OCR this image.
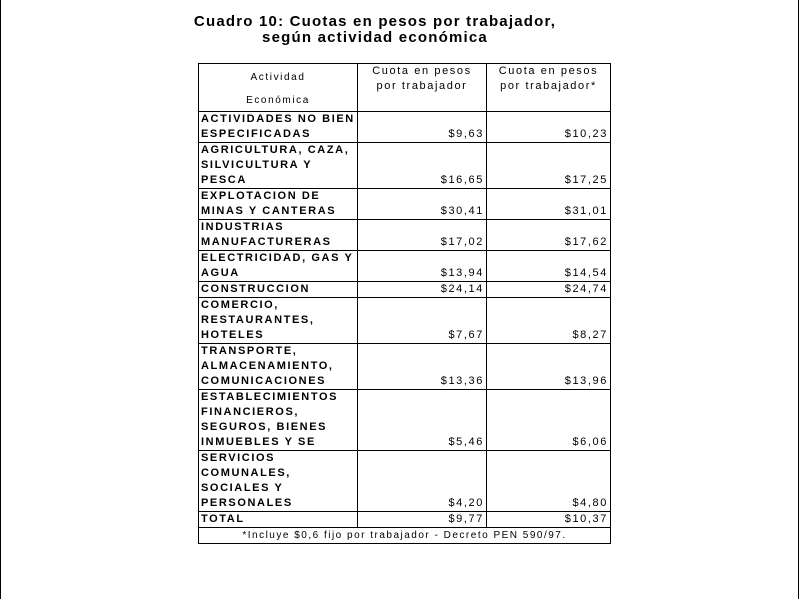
Cuadro 10: Cuotas en pesos por trabajador,
según actividad económica
Actividad
Económica	Cuota en pesos por trabajador	Cuota en pesos por trabajador*
ACTIVIDADES NO BIEN ESPECIFICADAS	$9,63	$10,23
AGRICULTURA, CAZA, SILVICULTURA Y PESCA	$16,65	$17,25
EXPLOTACION DE MINAS Y CANTERAS	$30,41	$31,01
INDUSTRIAS MANUFACTURERAS	$17,02	$17,62
ELECTRICIDAD, GAS Y AGUA	$13,94	$14,54
CONSTRUCCION	$24,14	$24,74
COMERCIO, RESTAURANTES, HOTELES	$7,67	$8,27
TRANSPORTE, ALMACENAMIENTO, COMUNICACIONES	$13,36	$13,96
ESTABLECIMIENTOS FINANCIEROS, SEGUROS, BIENES INMUEBLES Y SE	$5,46	$6,06
SERVICIOS COMUNALES, SOCIALES Y PERSONALES	$4,20	$4,80
TOTAL	$9,77	$10,37
*Incluye $0,6 fijo por trabajador - Decreto PEN 590/97.		
